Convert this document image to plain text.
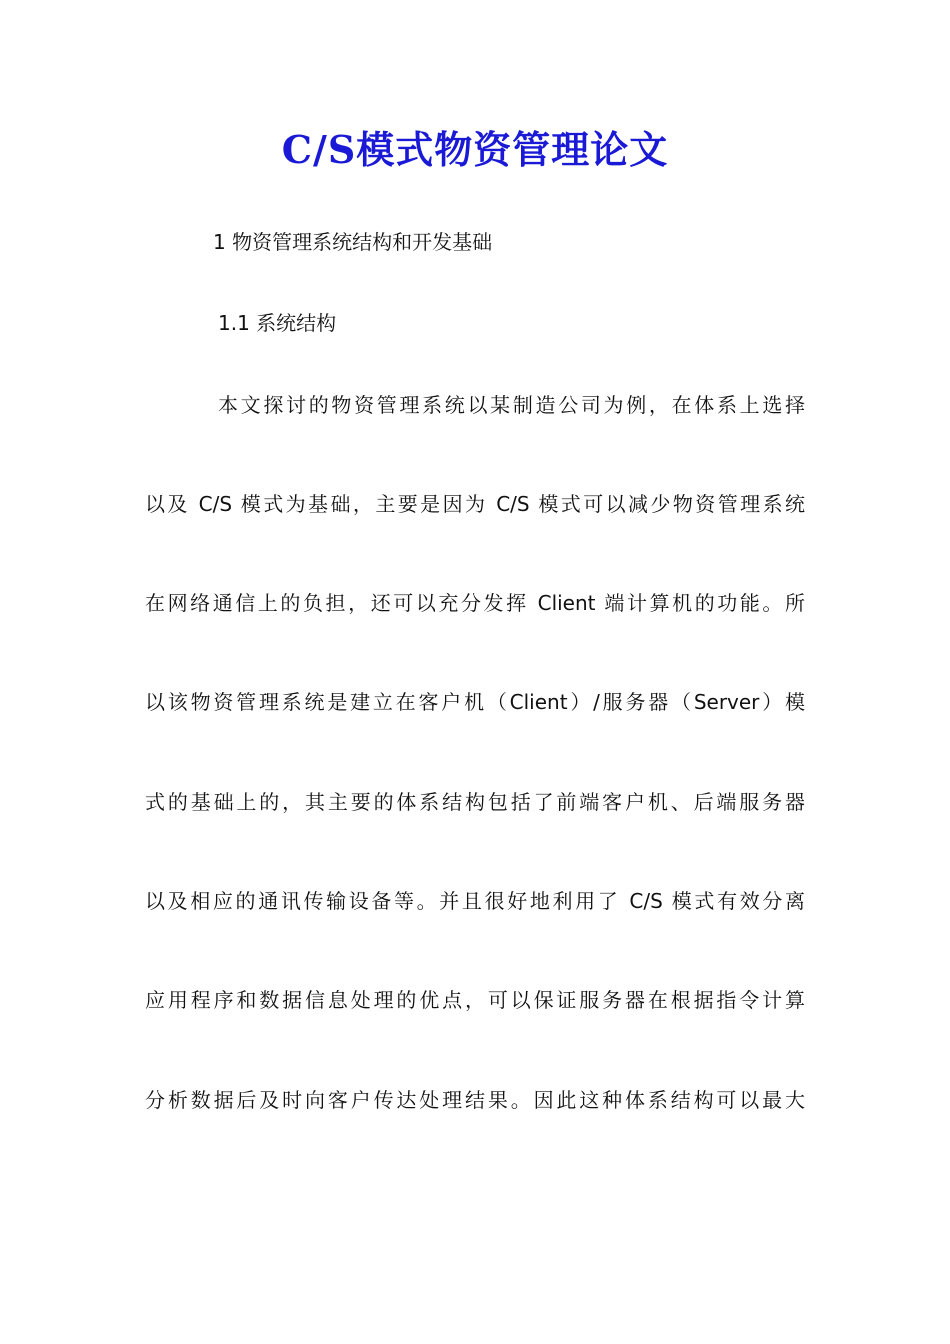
C/S模式物资管理论文
1 物资管理系统结构和开发基础
1.1 系统结构
本文探讨的物资管理系统以某制造公司为例，在体系上选择
以及 C/S 模式为基础，主要是因为 C/S 模式可以减少物资管理系统
在网络通信上的负担，还可以充分发挥 Client 端计算机的功能。所
以该物资管理系统是建立在客户机（Client）/服务器（Server）模
式的基础上的，其主要的体系结构包括了前端客户机、后端服务器
以及相应的通讯传输设备等。并且很好地利用了 C/S 模式有效分离
应用程序和数据信息处理的优点，可以保证服务器在根据指令计算
分析数据后及时向客户传达处理结果。因此这种体系结构可以最大
